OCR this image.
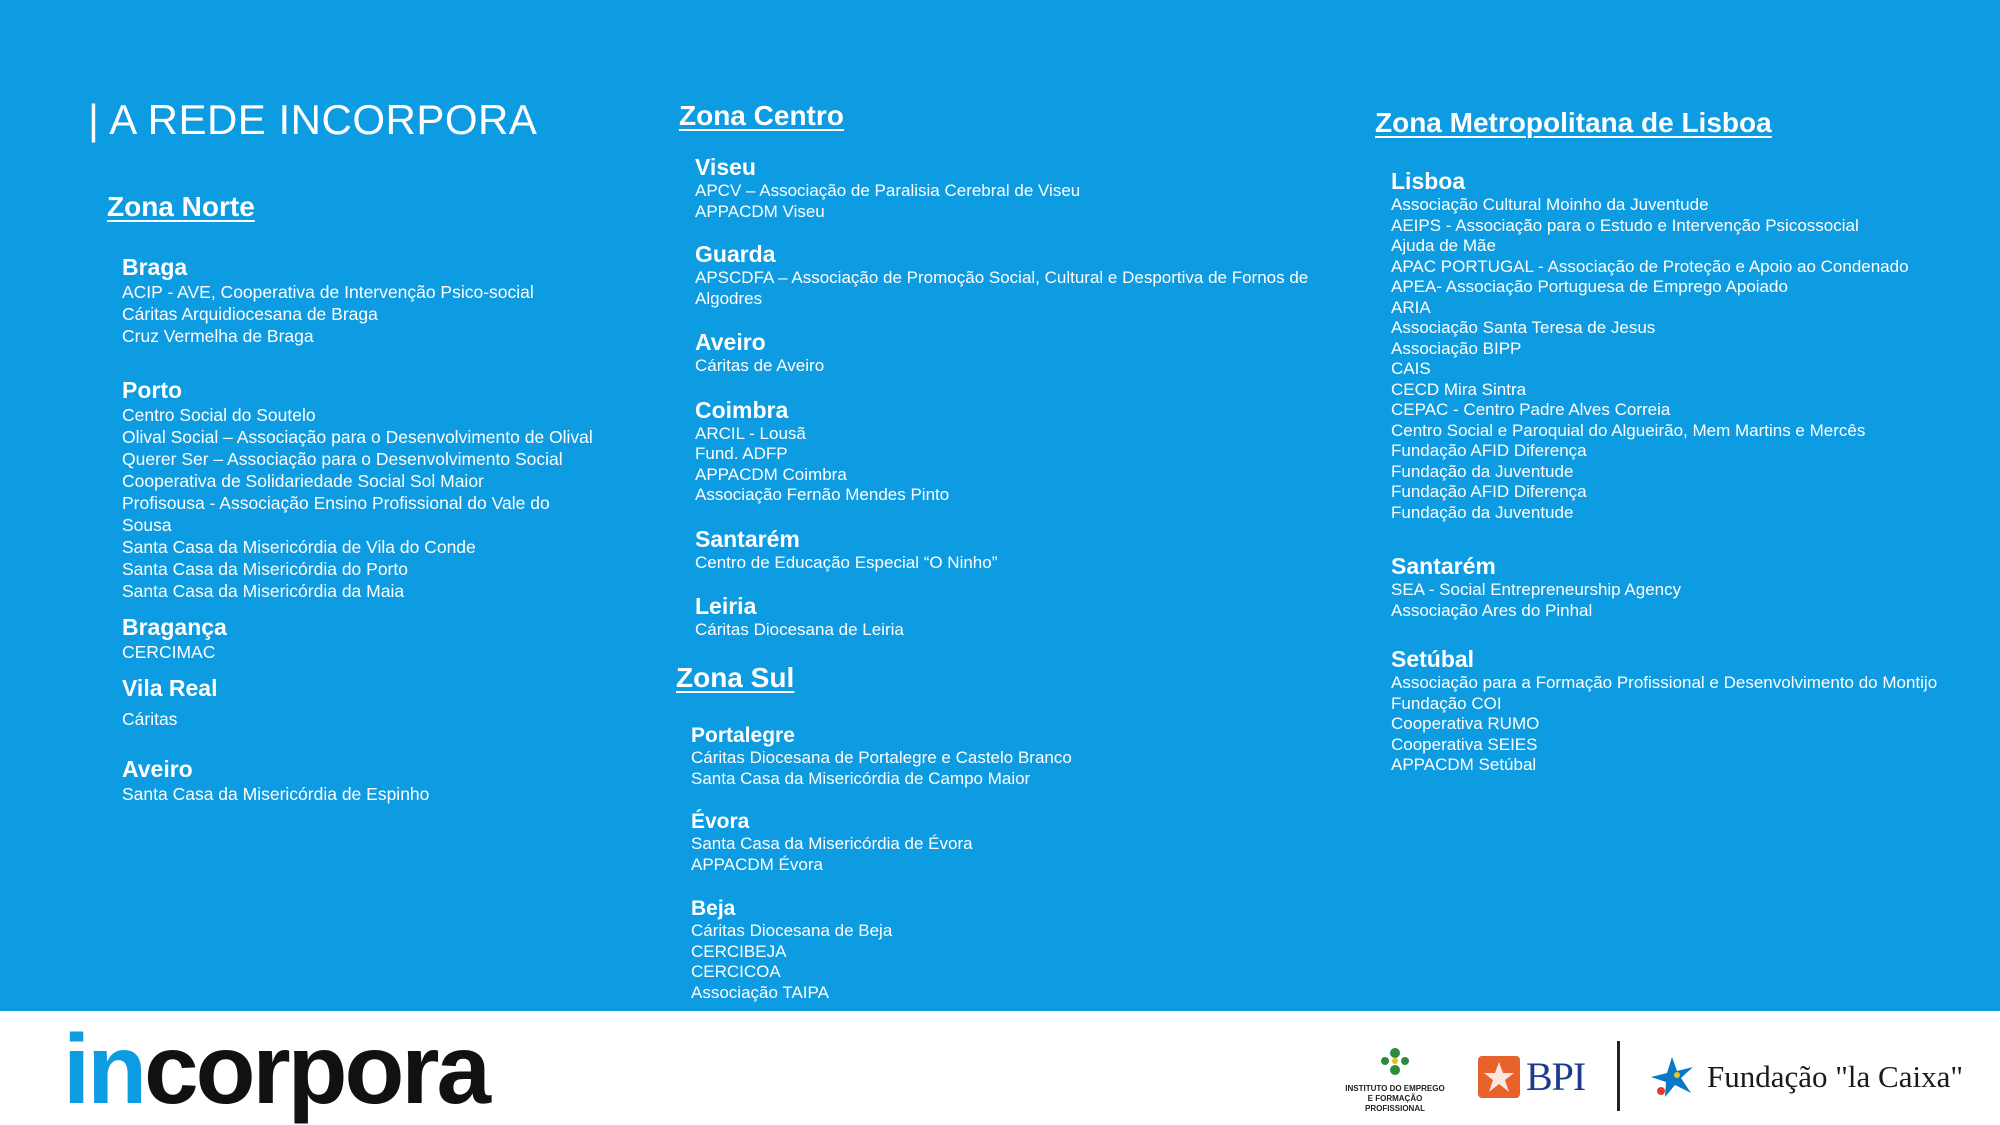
| A REDE INCORPORA
Zona Norte
Braga
ACIP - AVE, Cooperativa de Intervenção Psico-social
Cáritas Arquidiocesana de Braga
Cruz Vermelha de Braga
Porto
Centro Social do Soutelo
Olival Social – Associação para o Desenvolvimento de Olival
Querer Ser – Associação para o Desenvolvimento Social
Cooperativa de Solidariedade Social Sol Maior
Profisousa - Associação Ensino Profissional do Vale do Sousa
Santa Casa da Misericórdia de Vila do Conde
Santa Casa da Misericórdia do Porto
Santa Casa da Misericórdia da Maia
Bragança
CERCIMAC
Vila Real
Cáritas
Aveiro
Santa Casa da Misericórdia de Espinho
Zona Centro
Viseu
APCV – Associação de Paralisia Cerebral de Viseu
APPACDM Viseu
Guarda
APSCDFA – Associação de Promoção Social, Cultural e Desportiva de Fornos de Algodres
Aveiro
Cáritas de Aveiro
Coimbra
ARCIL - Lousã
Fund. ADFP
APPACDM Coimbra
Associação Fernão Mendes Pinto
Santarém
Centro de Educação Especial “O Ninho”
Leiria
Cáritas Diocesana de Leiria
Zona Sul
Portalegre
Cáritas Diocesana de Portalegre e Castelo Branco
Santa Casa da Misericórdia de Campo Maior
Évora
Santa Casa da Misericórdia de Évora
APPACDM Évora
Beja
Cáritas Diocesana de Beja
CERCIBEJA
CERCICOA
Associação TAIPA
Zona Metropolitana de Lisboa
Lisboa
Associação Cultural Moinho da Juventude
AEIPS - Associação para o Estudo e Intervenção Psicossocial
Ajuda de Mãe
APAC PORTUGAL - Associação de Proteção e Apoio ao Condenado
APEA- Associação Portuguesa de Emprego Apoiado
ARIA
Associação Santa Teresa de Jesus
Associação BIPP
CAIS
CECD Mira Sintra
CEPAC - Centro Padre Alves Correia
Centro Social e Paroquial do Algueirão, Mem Martins e Mercês
Fundação AFID Diferença
Fundação da Juventude
Fundação AFID Diferença
Fundação da Juventude
Santarém
SEA - Social Entrepreneurship Agency
Associação Ares do Pinhal
Setúbal
Associação para a Formação Profissional e Desenvolvimento do Montijo
Fundação COI
Cooperativa RUMO
Cooperativa SEIES
APPACDM Setúbal
incorpora	INSTITUTO DO EMPREGO
E FORMAÇÃO PROFISSIONAL
BPI	Fundação "la Caixa"
